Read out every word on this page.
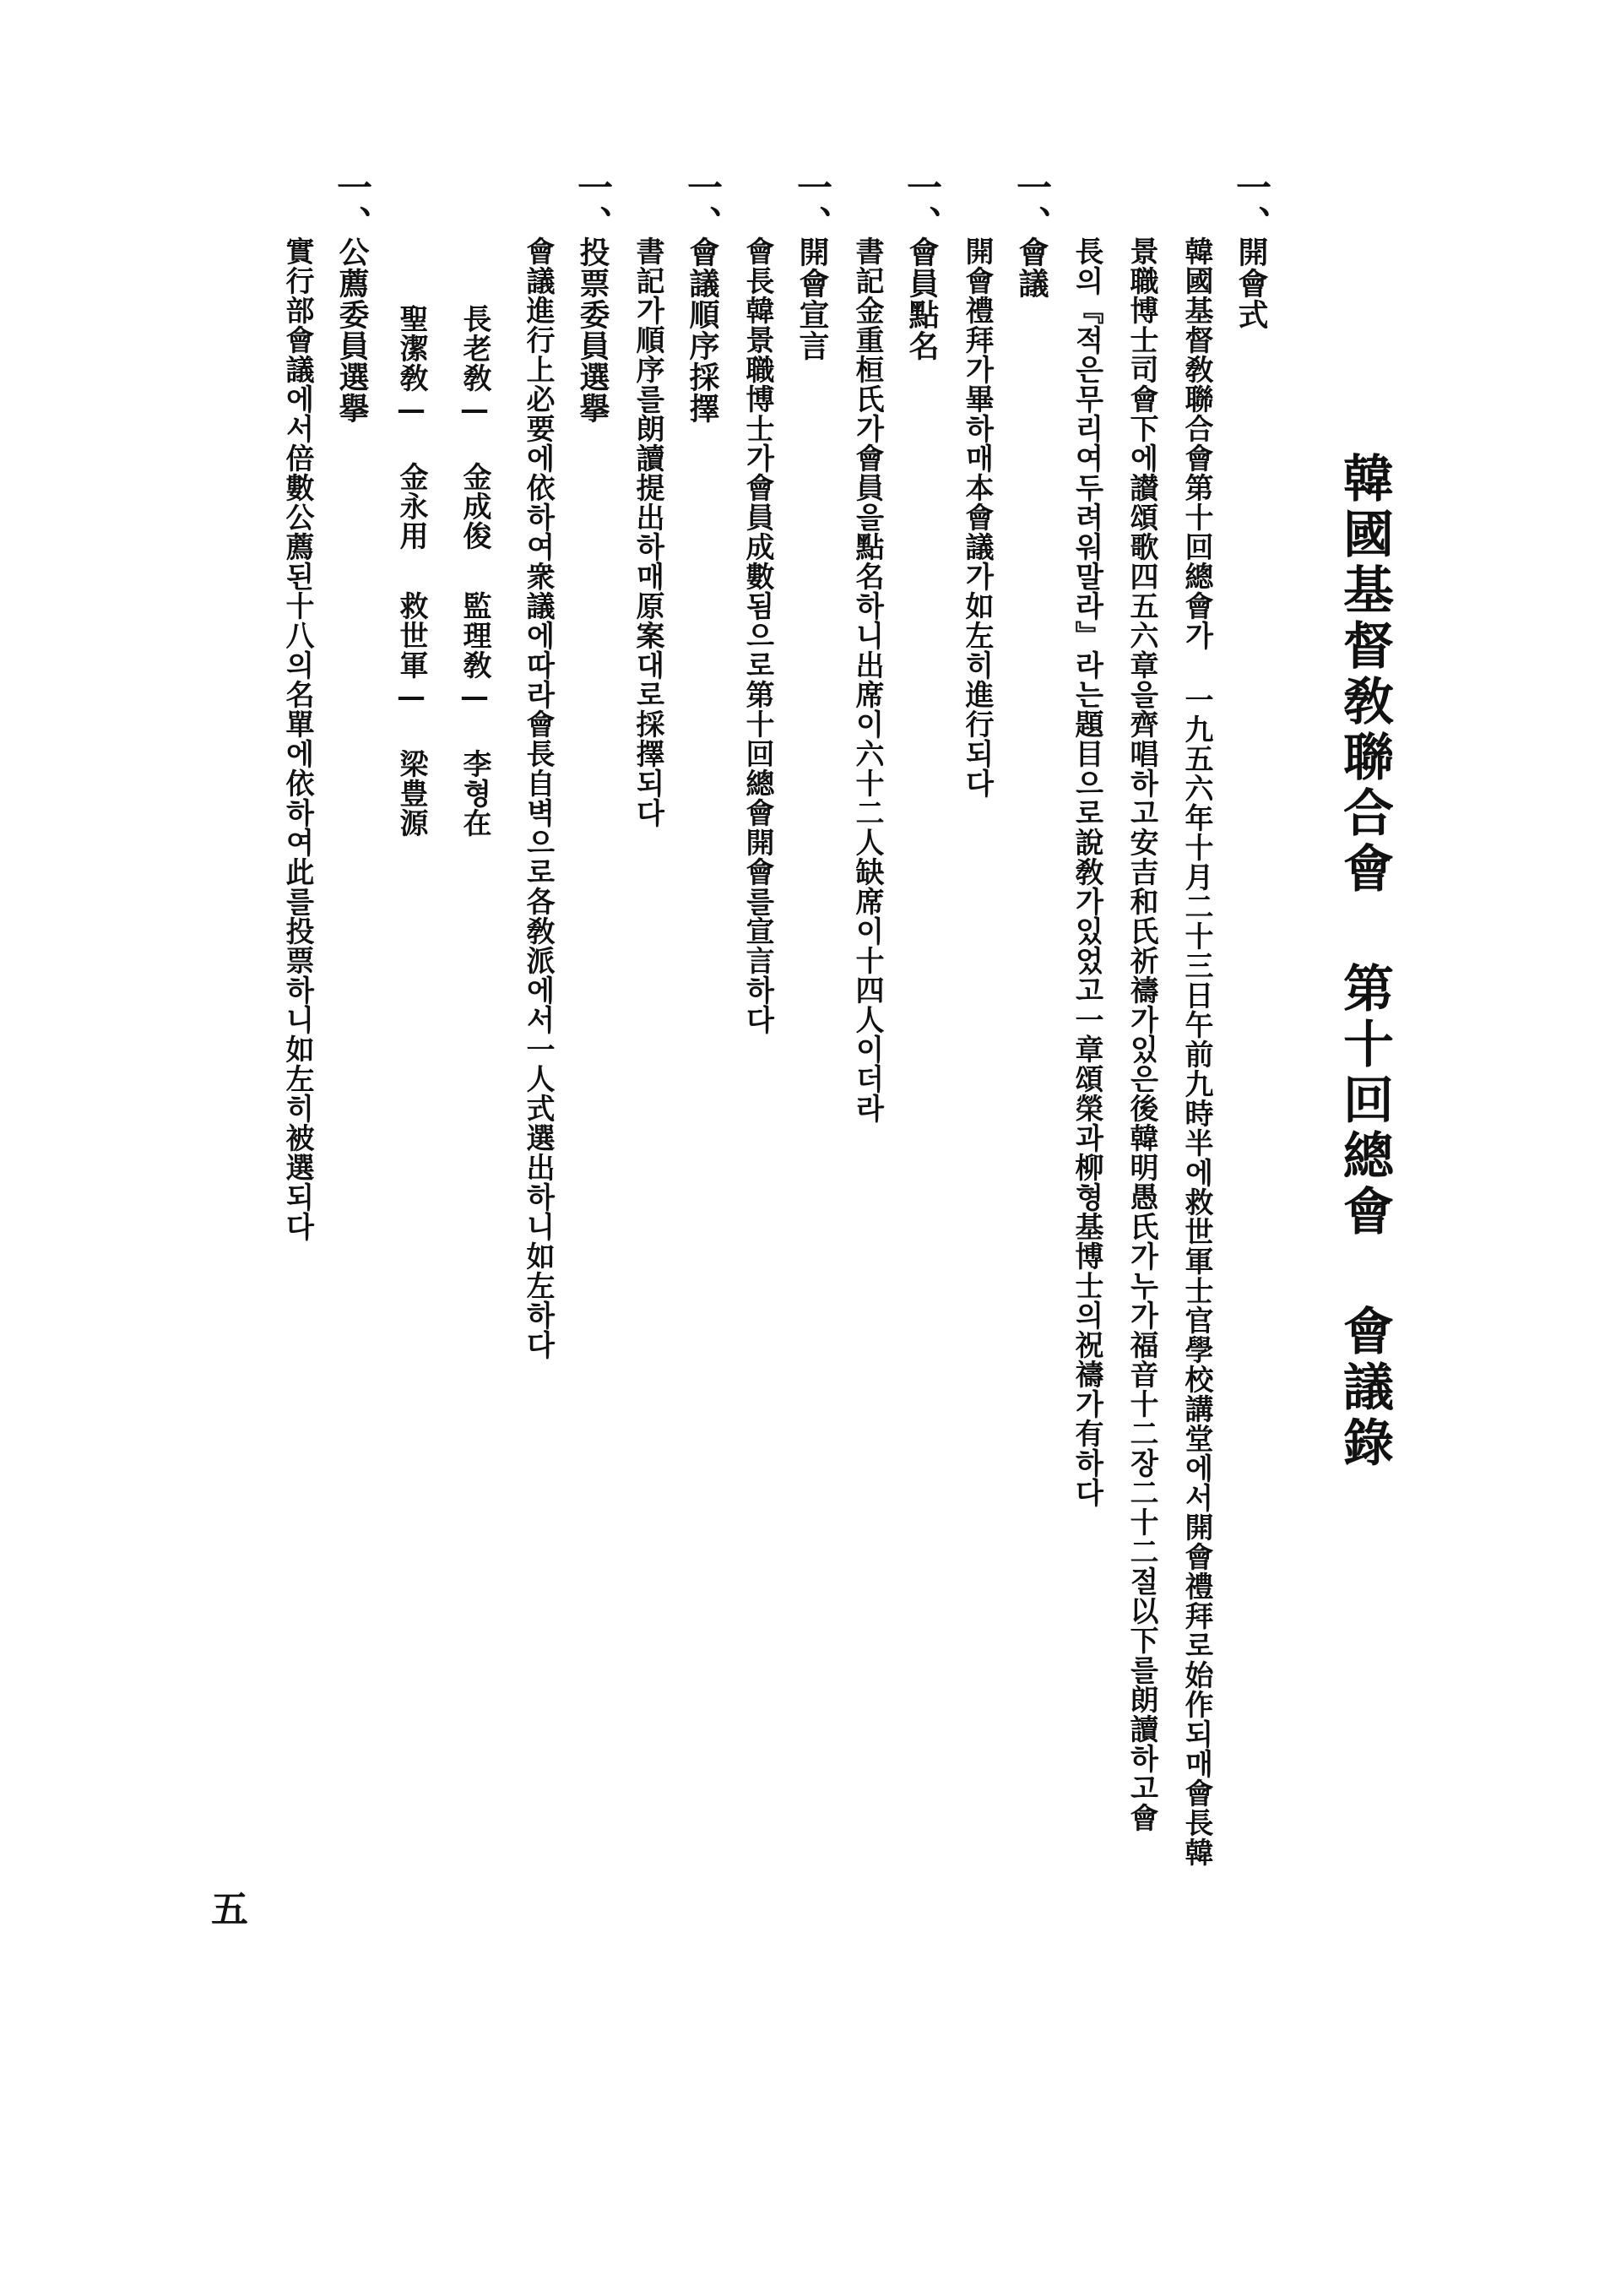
韓國基督敎聯合會 第十回總會 會議錄
一、
開會式
韓國基督敎聯合會第十回總會가 一九五六年十月二十三日午前九時半에救世軍士官學校講堂에서開會禮拜로始作되매會長韓
景職博士司會下에讃頌歌四五六章을齊唱하고安吉和氏祈禱가있은後韓明愚氏가누가福音十二장二十二절以下를朗讀하고會
長의『적은무리여두려워말라』라는題目으로說敎가있었고一章頌榮과柳형基博士의祝禱가有하다
一、
會議
開會禮拜가畢하매本會議가如左히進行되다
一、
會員點名
書記金重桓氏가會員을點名하니出席이六十二人缺席이十四人이더라
一、
開會宣言
會長韓景職博士가會員成數됨으로第十回總會開會를宣言하다
一、
會議順序採擇
書記가順序를朗讀提出하매原案대로採擇되다
一、
投票委員選擧
會議進行上必要에依하여衆議에따라會長自벽으로各敎派에서一人式選出하니如左하다
長老敎— 金成俊
監理敎— 李형在
聖潔敎— 金永用
救世軍— 梁豊源
一、
公薦委員選擧
實行部會議에서倍數公薦된十八의名單에依하여此를投票하니如左히被選되다
五
